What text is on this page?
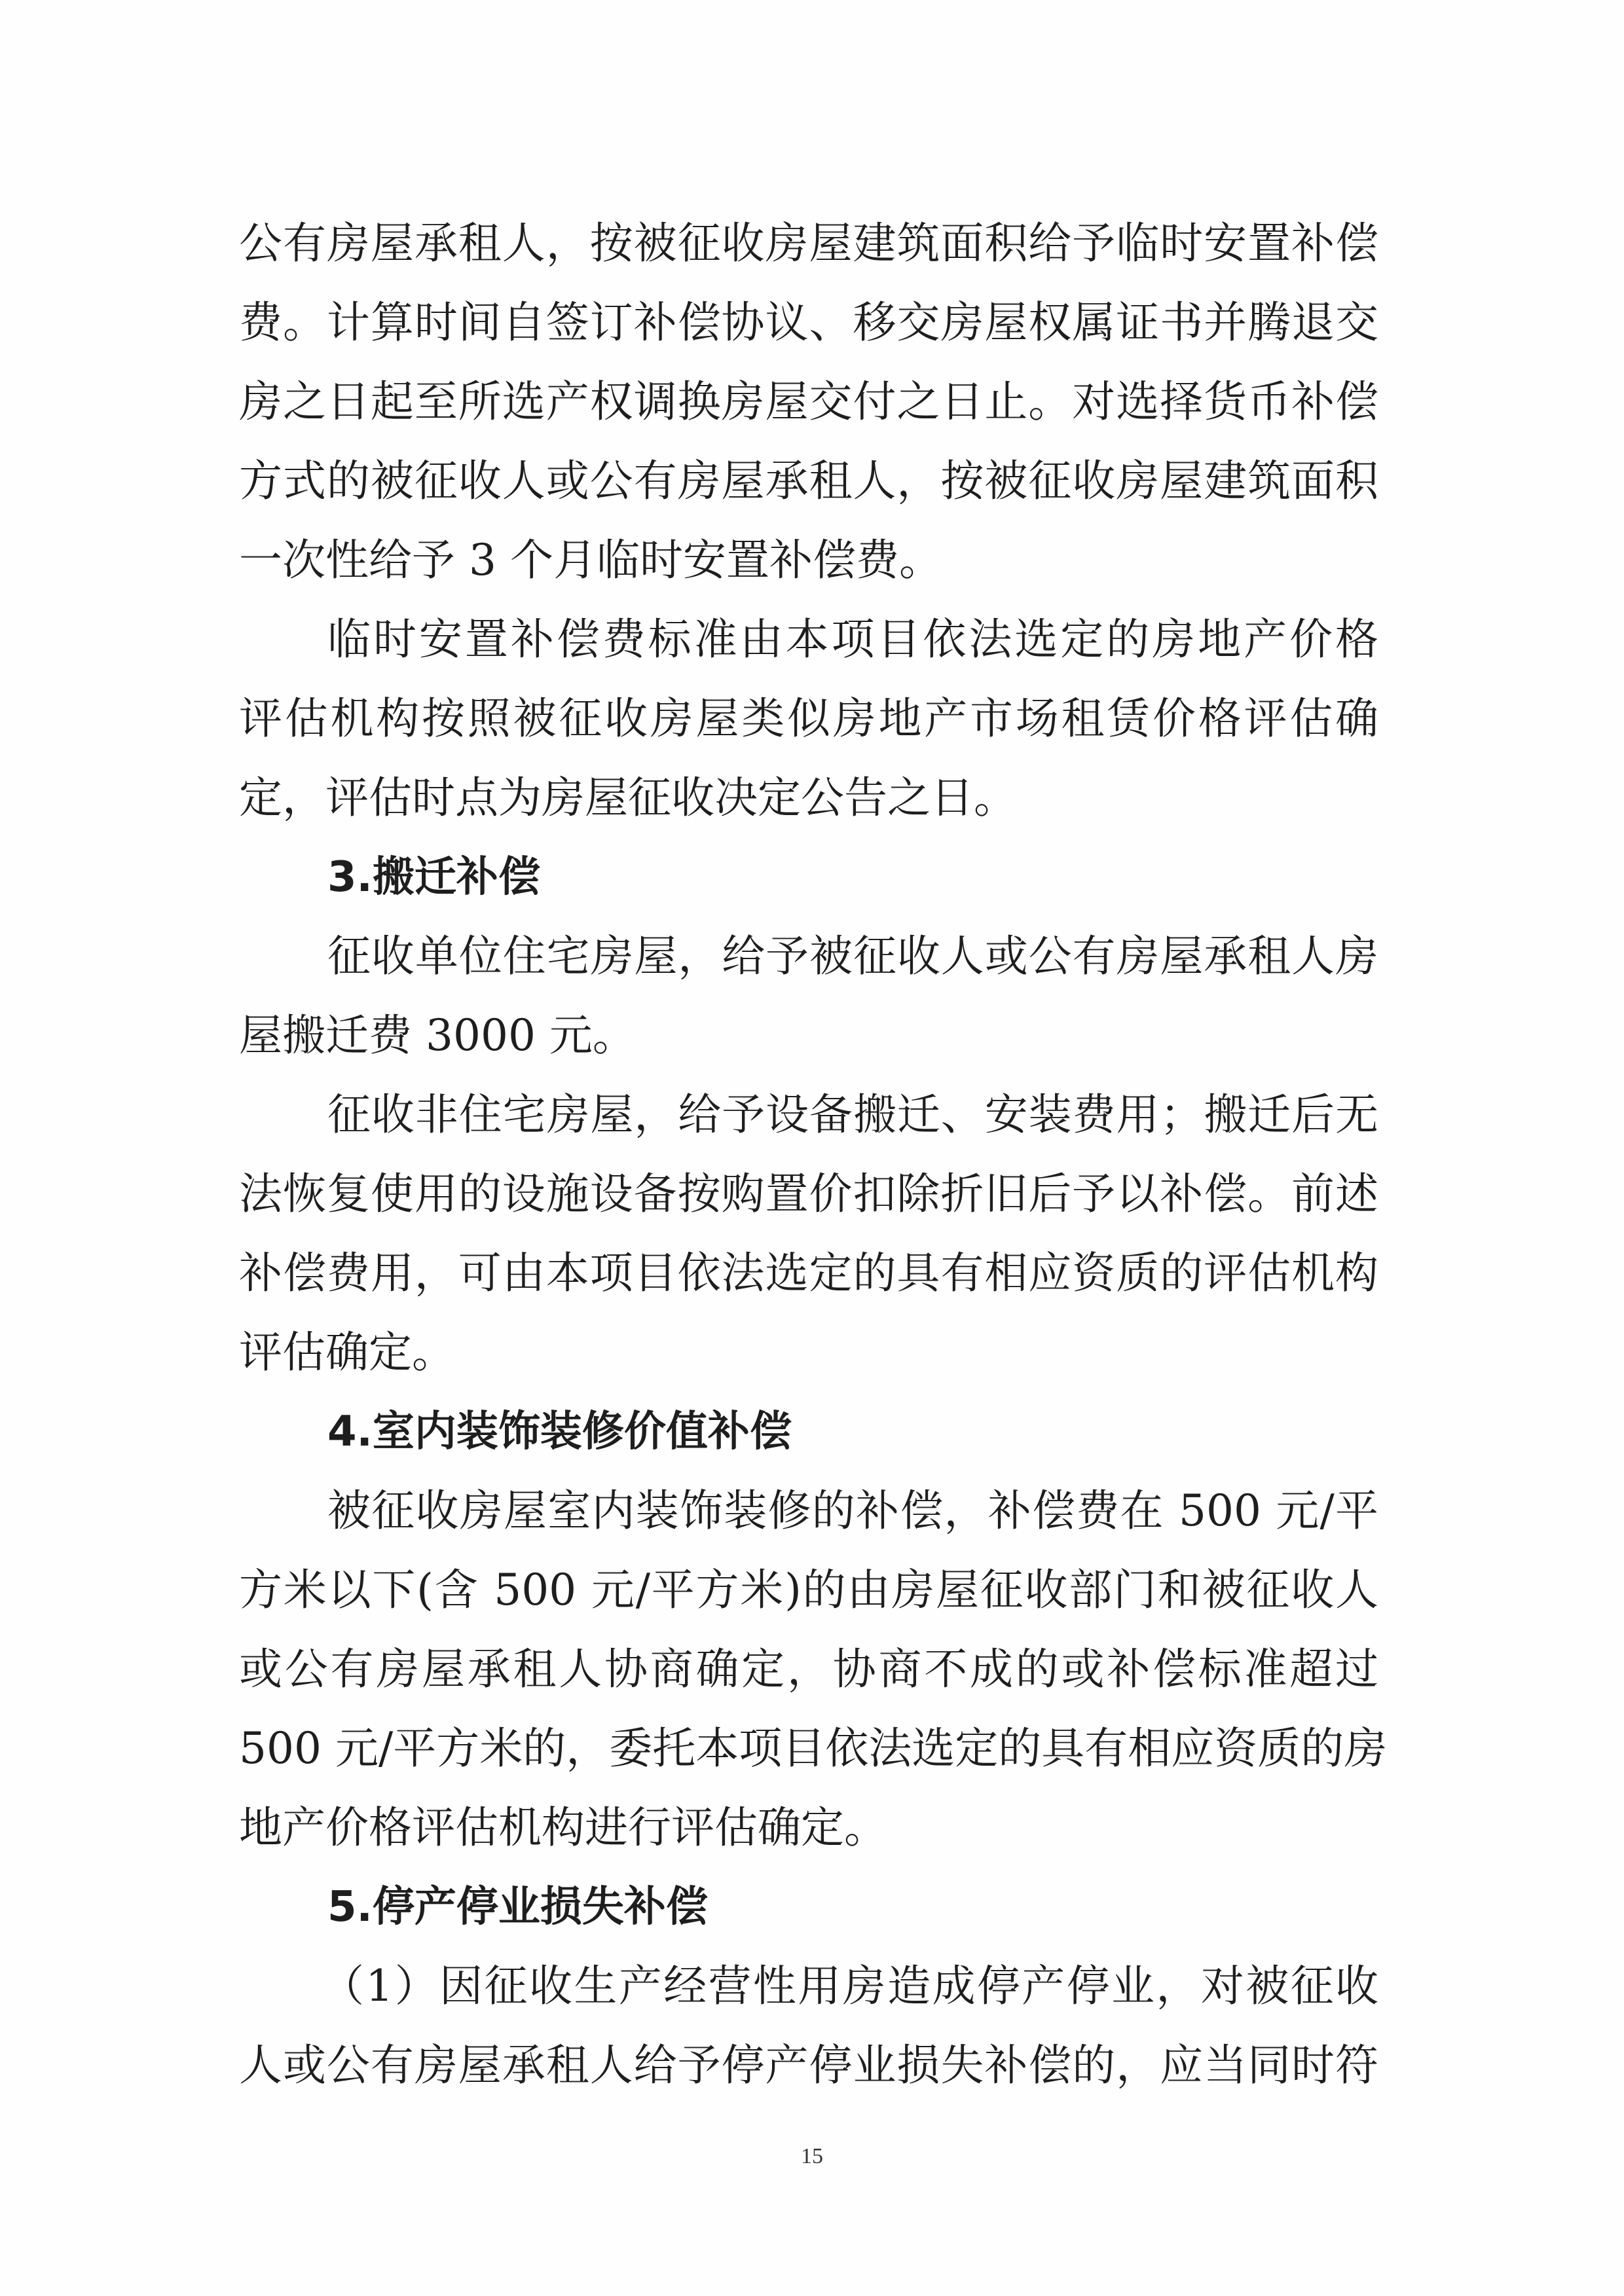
公有房屋承租人，按被征收房屋建筑面积给予临时安置补偿
费。计算时间自签订补偿协议、移交房屋权属证书并腾退交
房之日起至所选产权调换房屋交付之日止。对选择货币补偿
方式的被征收人或公有房屋承租人，按被征收房屋建筑面积
一次性给予 3 个月临时安置补偿费。
临时安置补偿费标准由本项目依法选定的房地产价格
评估机构按照被征收房屋类似房地产市场租赁价格评估确
定，评估时点为房屋征收决定公告之日。
3.搬迁补偿
征收单位住宅房屋，给予被征收人或公有房屋承租人房
屋搬迁费 3000 元。
征收非住宅房屋，给予设备搬迁、安装费用；搬迁后无
法恢复使用的设施设备按购置价扣除折旧后予以补偿。前述
补偿费用，可由本项目依法选定的具有相应资质的评估机构
评估确定。
4.室内装饰装修价值补偿
被征收房屋室内装饰装修的补偿，补偿费在 500 元/平
方米以下(含 500 元/平方米)的由房屋征收部门和被征收人
或公有房屋承租人协商确定，协商不成的或补偿标准超过
500 元/平方米的，委托本项目依法选定的具有相应资质的房
地产价格评估机构进行评估确定。
5.停产停业损失补偿
（1）因征收生产经营性用房造成停产停业，对被征收
人或公有房屋承租人给予停产停业损失补偿的，应当同时符
15
